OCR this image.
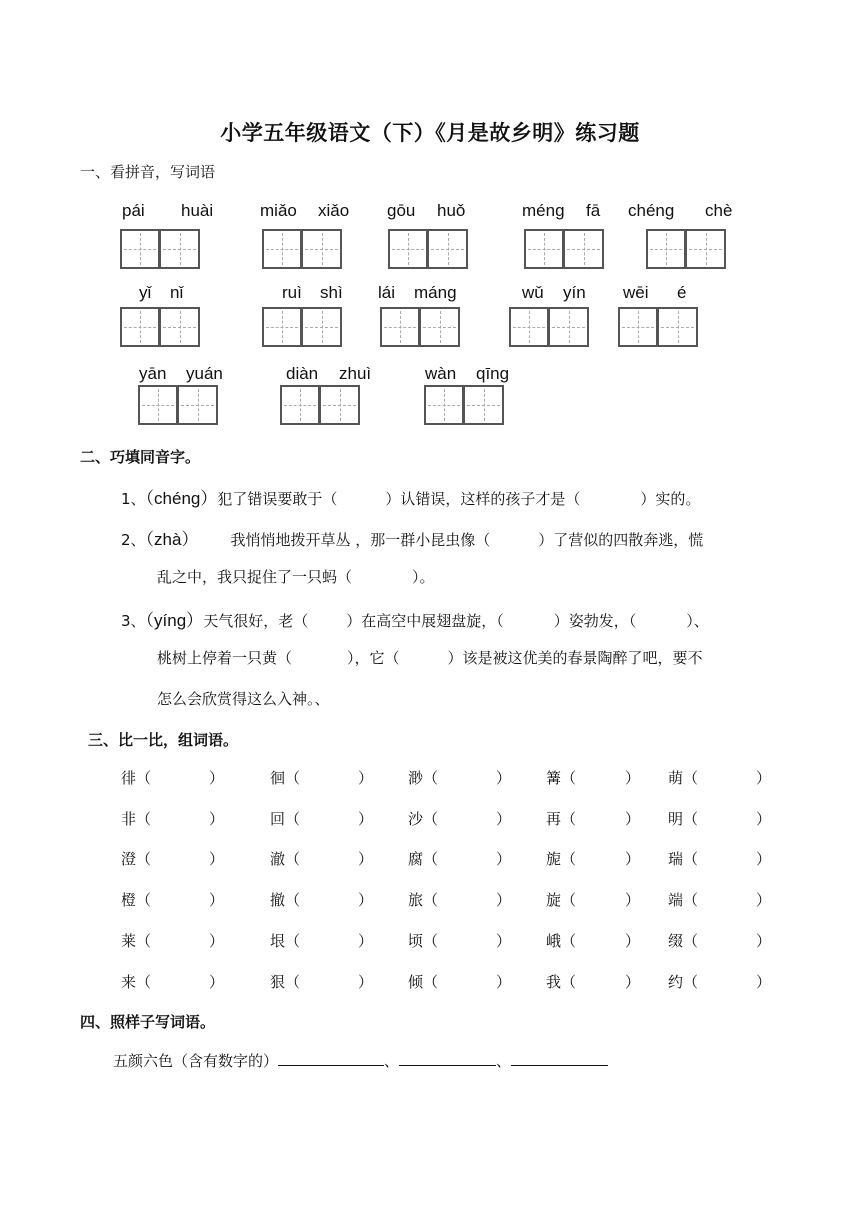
小学五年级语文（下）《月是故乡明》练习题
一、看拼音，写词语
pái huài	miǎo xiǎo gōu huǒ	méng fā chéng chè
yǐ nǐ	ruì shì lái máng	wǔ yín wēi é
yān yuán	diàn zhuì	wàn qīng
二、巧填同音字。
1、（chéng）犯了错误要敢于（	）认错误，这样的孩子才是（	）实的。
2、（zhà） 我悄悄地拨开草丛 ，那一群小昆虫像（	）了营似的四散奔逃，慌
乱之中，我只捉住了一只蚂（	）。
3、（yíng）天气很好，老（	）在高空中展翅盘旋，（	）姿勃发，（	）、
桃树上停着一只黄（	），它（	）该是被这优美的春景陶醉了吧，要不
怎么会欣赏得这么入神。、
三、比一比，组词语。
徘（	）	徊（	） 渺（	） 篝（	） 萌（	）
非（	）	回（	） 沙（	） 再（	） 明（	）
澄（	）	澈（	） 腐（	） 旎（	） 瑞（	）
橙（	）	撤（	） 旅（	） 旋（	） 端（	）
莱（	）	垠（	） 顷（	） 峨（	） 缀（	）
来（	）	狠（	） 倾（	） 我（	） 约（	）
四、照样子写词语。
五颜六色（含有数字的）	、	、
